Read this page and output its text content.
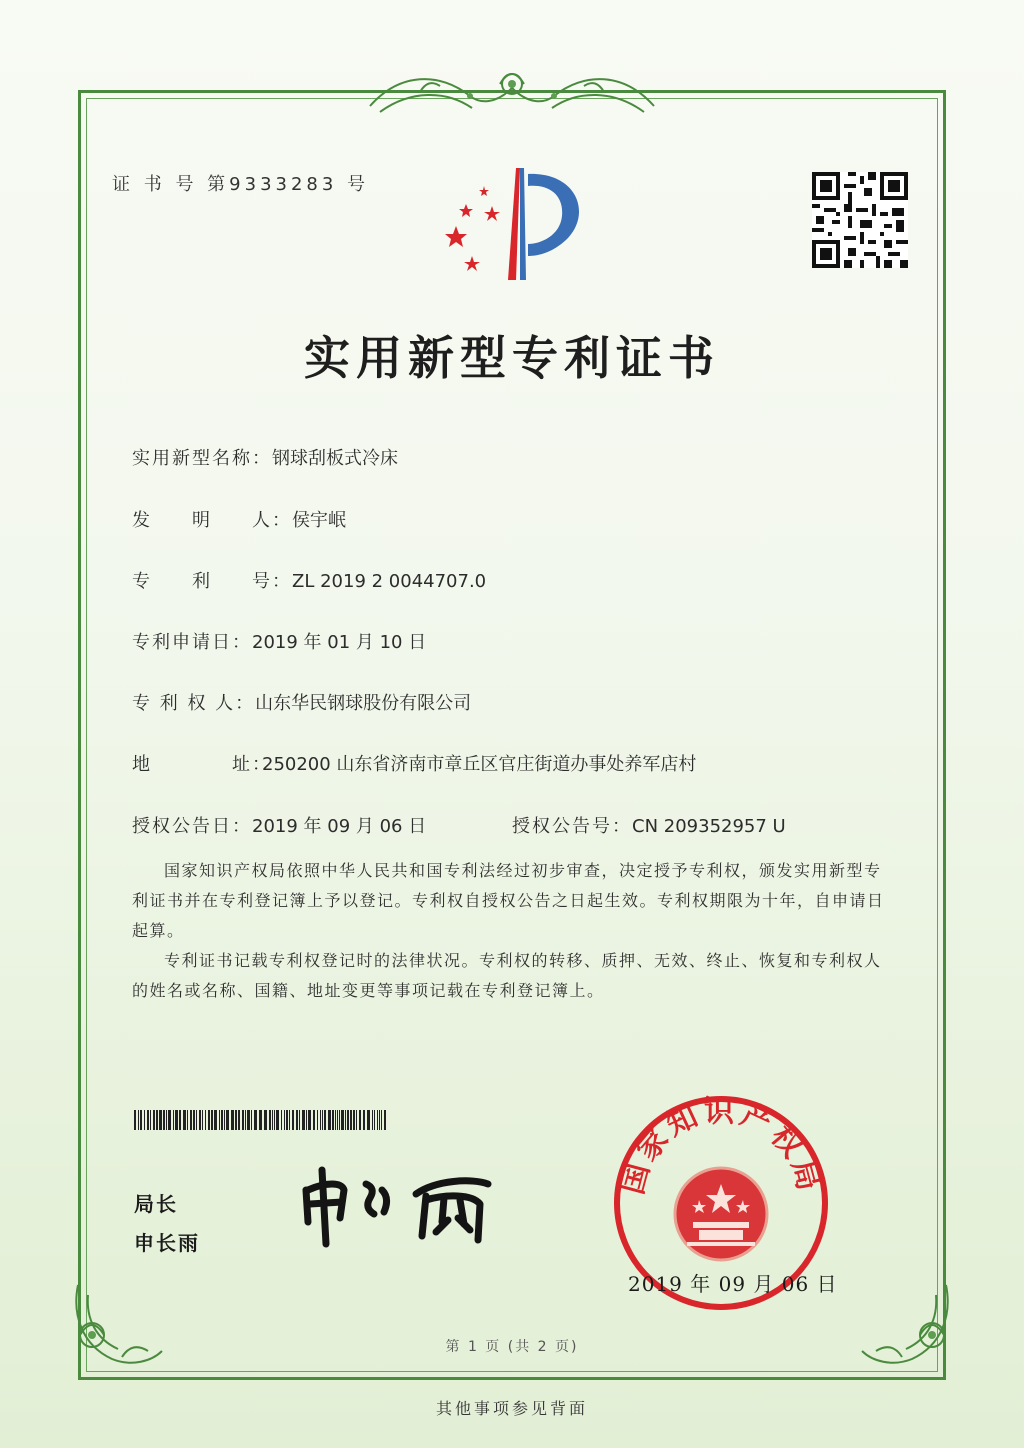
证 书 号 第9333283 号
实用新型专利证书
实用新型名称：钢球刮板式冷床
发　　明　　人：侯宇岷
专　　利　　号：ZL 2019 2 0044707.0
专利申请日：2019 年 01 月 10 日
专 利 权 人：山东华民钢球股份有限公司
地　　　　址：250200 山东省济南市章丘区官庄街道办事处养军店村
授权公告日：2019 年 09 月 06 日	授权公告号：CN 209352957 U
国家知识产权局依照中华人民共和国专利法经过初步审查，决定授予专利权，颁发实用新型专利证书并在专利登记簿上予以登记。专利权自授权公告之日起生效。专利权期限为十年，自申请日起算。
专利证书记载专利权登记时的法律状况。专利权的转移、质押、无效、终止、恢复和专利权人的姓名或名称、国籍、地址变更等事项记载在专利登记簿上。
局长
申长雨
国家知识产权局
2019 年 09 月 06 日
第 1 页 (共 2 页)
其他事项参见背面
